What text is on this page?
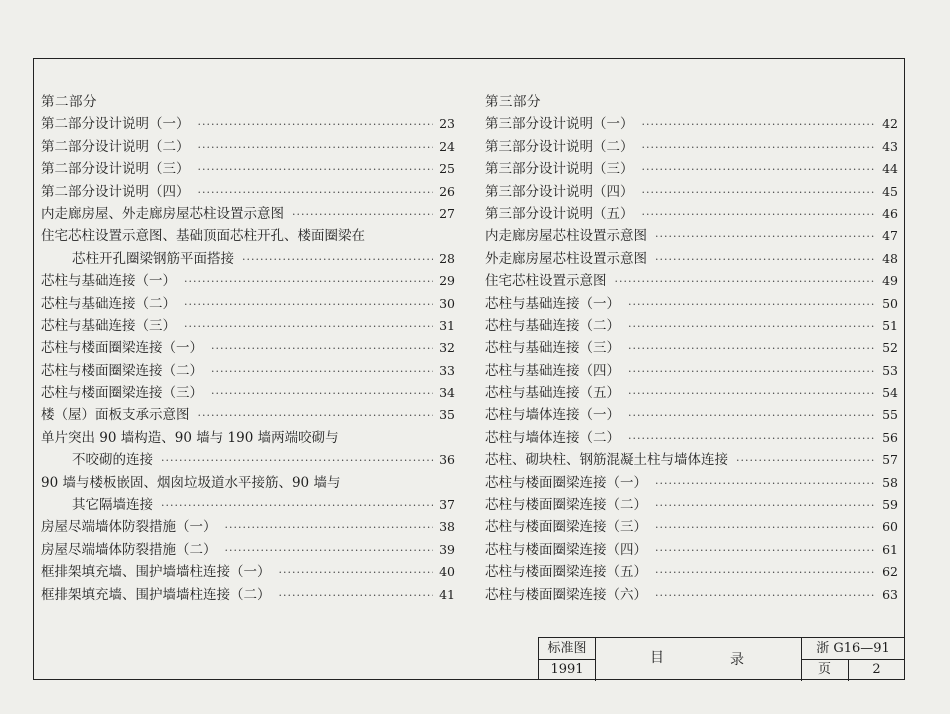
第二部分
第二部分设计说明（一） ·····	23
第二部分设计说明（二） ·····	24
第二部分设计说明（三） ·····	25
第二部分设计说明（四） ·····	26
内走廊房屋、外走廊房屋芯柱设置示意图 ·····	27
住宅芯柱设置示意图、基础顶面芯柱开孔、楼面圈梁在
芯柱开孔圈梁钢筋平面搭接 ·····	28
芯柱与基础连接（一） ·····	29
芯柱与基础连接（二） ·····	30
芯柱与基础连接（三） ·····	31
芯柱与楼面圈梁连接（一） ·····	32
芯柱与楼面圈梁连接（二） ·····	33
芯柱与楼面圈梁连接（三） ·····	34
楼（屋）面板支承示意图 ·····	35
单片突出 90 墙构造、90 墙与 190 墙两端咬砌与
不咬砌的连接 ·····	36
90 墙与楼板嵌固、烟囱垃圾道水平接筋、90 墙与
其它隔墙连接 ·····	37
房屋尽端墙体防裂措施（一） ·····	38
房屋尽端墙体防裂措施（二） ·····	39
框排架填充墙、围护墙墙柱连接（一） ·····	40
框排架填充墙、围护墙墙柱连接（二） ·····	41
第三部分
第三部分设计说明（一） ·····	42
第三部分设计说明（二） ·····	43
第三部分设计说明（三） ·····	44
第三部分设计说明（四） ·····	45
第三部分设计说明（五） ·····	46
内走廊房屋芯柱设置示意图 ·····	47
外走廊房屋芯柱设置示意图 ·····	48
住宅芯柱设置示意图 ·····	49
芯柱与基础连接（一） ·····	50
芯柱与基础连接（二） ·····	51
芯柱与基础连接（三） ·····	52
芯柱与基础连接（四） ·····	53
芯柱与基础连接（五） ·····	54
芯柱与墙体连接（一） ·····	55
芯柱与墙体连接（二） ·····	56
芯柱、砌块柱、钢筋混凝土柱与墙体连接 ·····	57
芯柱与楼面圈梁连接（一） ·····	58
芯柱与楼面圈梁连接（二） ·····	59
芯柱与楼面圈梁连接（三） ·····	60
芯柱与楼面圈梁连接（四） ·····	61
芯柱与楼面圈梁连接（五） ·····	62
芯柱与楼面圈梁连接（六） ·····	63
标准图
1991
目	录
浙 G16—91
页	2
